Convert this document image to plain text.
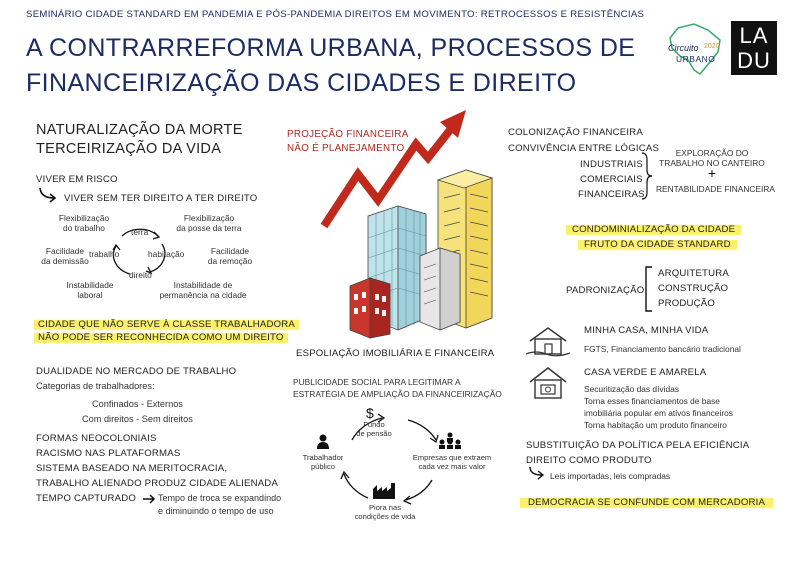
SEMINÁRIO CIDADE STANDARD EM PANDEMIA E PÓS-PANDEMIA DIREITOS EM MOVIMENTO: RETROCESSOS E RESISTÊNCIAS
A CONTRARREFORMA URBANA, PROCESSOS DE
FINANCEIRIZAÇÃO DAS CIDADES E DIREITO
Circuito 2020
URBANO
LA
DU
NATURALIZAÇÃO DA MORTE
TERCEIRIZAÇÃO DA VIDA
VIVER EM RISCO
VIVER SEM TER DIREITO A TER DIREITO
terra
trabalho	habitação
direito
Flexibilização
do trabalho
Flexibilização
da posse da terra
Facilidade
da demissão
Facilidade
da remoção
Instabilidade
laboral
Instabilidade de
permanência na cidade
CIDADE QUE NÃO SERVE À CLASSE TRABALHADORA
NÃO PODE SER RECONHECIDA COMO UM DIREITO
DUALIDADE NO MERCADO DE TRABALHO
Categorias de trabalhadores:
Confinados - Externos
Com direitos - Sem direitos
FORMAS NEOCOLONIAIS
RACISMO NAS PLATAFORMAS
SISTEMA BASEADO NA MERITOCRACIA,
TRABALHO ALIENADO PRODUZ CIDADE ALIENADA
TEMPO CAPTURADO Tempo de troca se expandindo
e diminuindo o tempo de uso
PROJEÇÃO FINANCEIRA
NÃO É PLANEJAMENTO
ESPOLIAÇÃO IMOBILIÁRIA E FINANCEIRA
PUBLICIDADE SOCIAL PARA LEGITIMAR A
ESTRATÉGIA DE AMPLIAÇÃO DA FINANCEIRIZAÇÃO
$
Fundo
de pensão
Empresas que extraem
cada vez mais valor
Trabalhador
público
Piora nas
condições de vida
COLONIZAÇÃO FINANCEIRA
CONVIVÊNCIA ENTRE LÓGICAS
INDUSTRIAIS
COMERCIAIS
FINANCEIRAS
EXPLORAÇÃO DO
TRABALHO NO CANTEIRO
+
RENTABILIDADE FINANCEIRA
CONDOMINIALIZAÇÃO DA CIDADE
FRUTO DA CIDADE STANDARD
PADRONIZAÇÃO
ARQUITETURA
CONSTRUÇÃO
PRODUÇÃO
MINHA CASA, MINHA VIDA
FGTS, Financiamento bancário tradicional
CASA VERDE E AMARELA
Securitização das dívidas
Torna esses financiamentos de base
imobiliária popular em ativos financeiros
Torna habitação um produto financeiro
SUBSTITUIÇÃO DA POLÍTICA PELA EFICIÊNCIA
DIREITO COMO PRODUTO
Leis importadas, leis compradas
DEMOCRACIA SE CONFUNDE COM MERCADORIA
